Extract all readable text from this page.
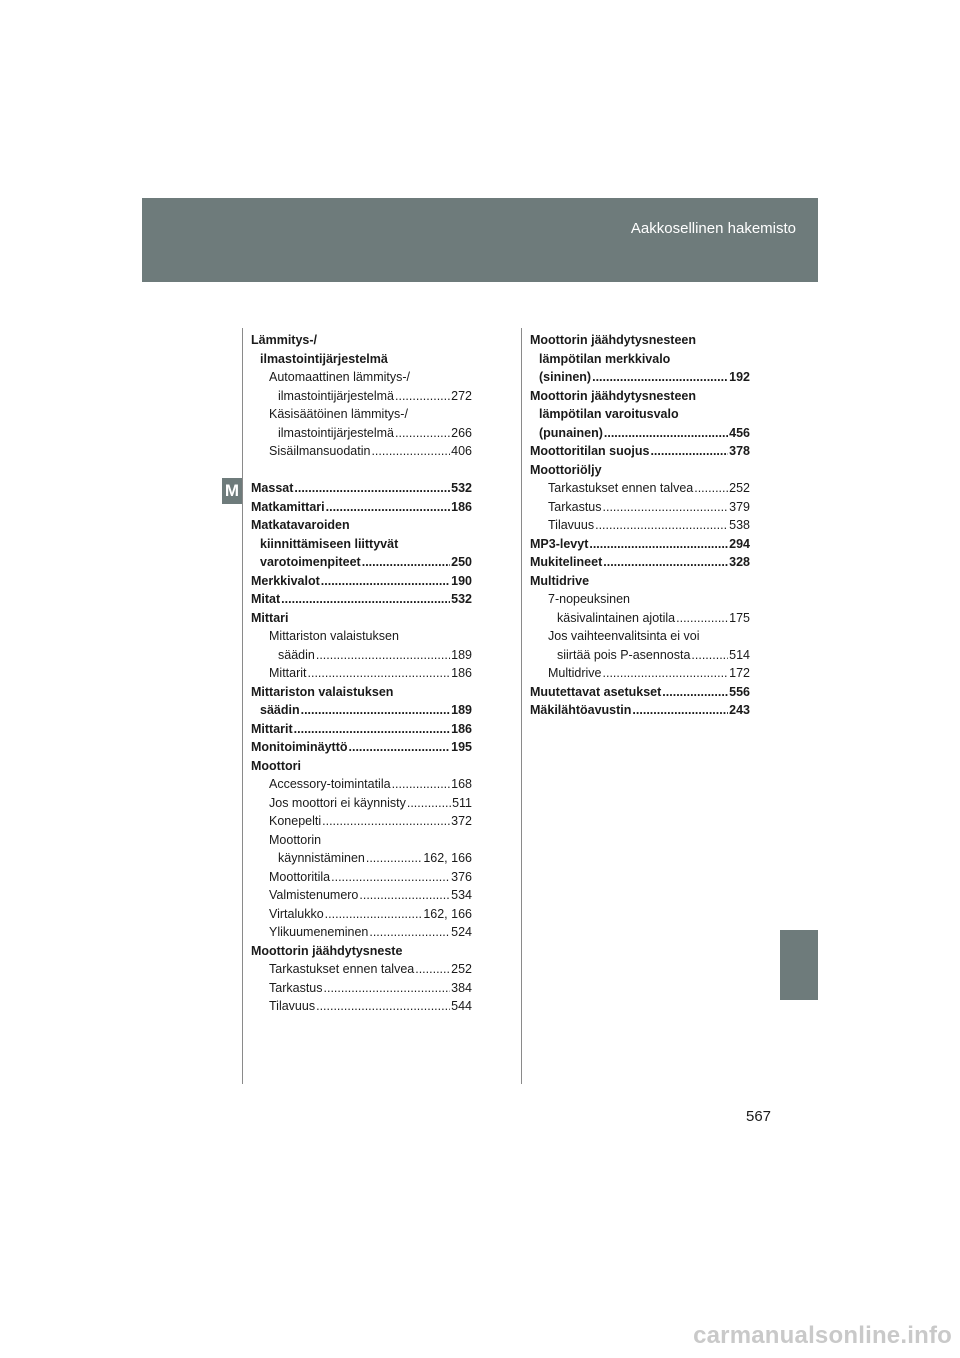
Aakkosellinen hakemisto
M
Lämmitys-/
ilmastointijärjestelmä
Automaattinen lämmitys-/
ilmastointijärjestelmä .....	272
Käsisäätöinen lämmitys-/
ilmastointijärjestelmä .....	266
Sisäilmansuodatin .....	406
Massat .....	532
Matkamittari .....	186
Matkatavaroiden
kiinnittämiseen liittyvät
varotoimenpiteet .....	250
Merkkivalot .....	190
Mitat .....	532
Mittari
Mittariston valaistuksen
säädin .....	189
Mittarit .....	186
Mittariston valaistuksen
säädin .....	189
Mittarit .....	186
Monitoiminäyttö .....	195
Moottori
Accessory-toimintatila .....	168
Jos moottori ei käynnisty .....	511
Konepelti .....	372
Moottorin
käynnistäminen .....	162, 166
Moottoritila .....	376
Valmistenumero .....	534
Virtalukko .....	162, 166
Ylikuumeneminen .....	524
Moottorin jäähdytysneste
Tarkastukset ennen talvea .....	252
Tarkastus .....	384
Tilavuus .....	544
Moottorin jäähdytysnesteen
lämpötilan merkkivalo
(sininen) .....	192
Moottorin jäähdytysnesteen
lämpötilan varoitusvalo
(punainen) .....	456
Moottoritilan suojus .....	378
Moottoriöljy
Tarkastukset ennen talvea .....	252
Tarkastus .....	379
Tilavuus .....	538
MP3-levyt .....	294
Mukitelineet .....	328
Multidrive
7-nopeuksinen
käsivalintainen ajotila .....	175
Jos vaihteenvalitsinta ei voi
siirtää pois P-asennosta .....	514
Multidrive .....	172
Muutettavat asetukset .....	556
Mäkilähtöavustin .....	243
567
carmanualsonline.info
